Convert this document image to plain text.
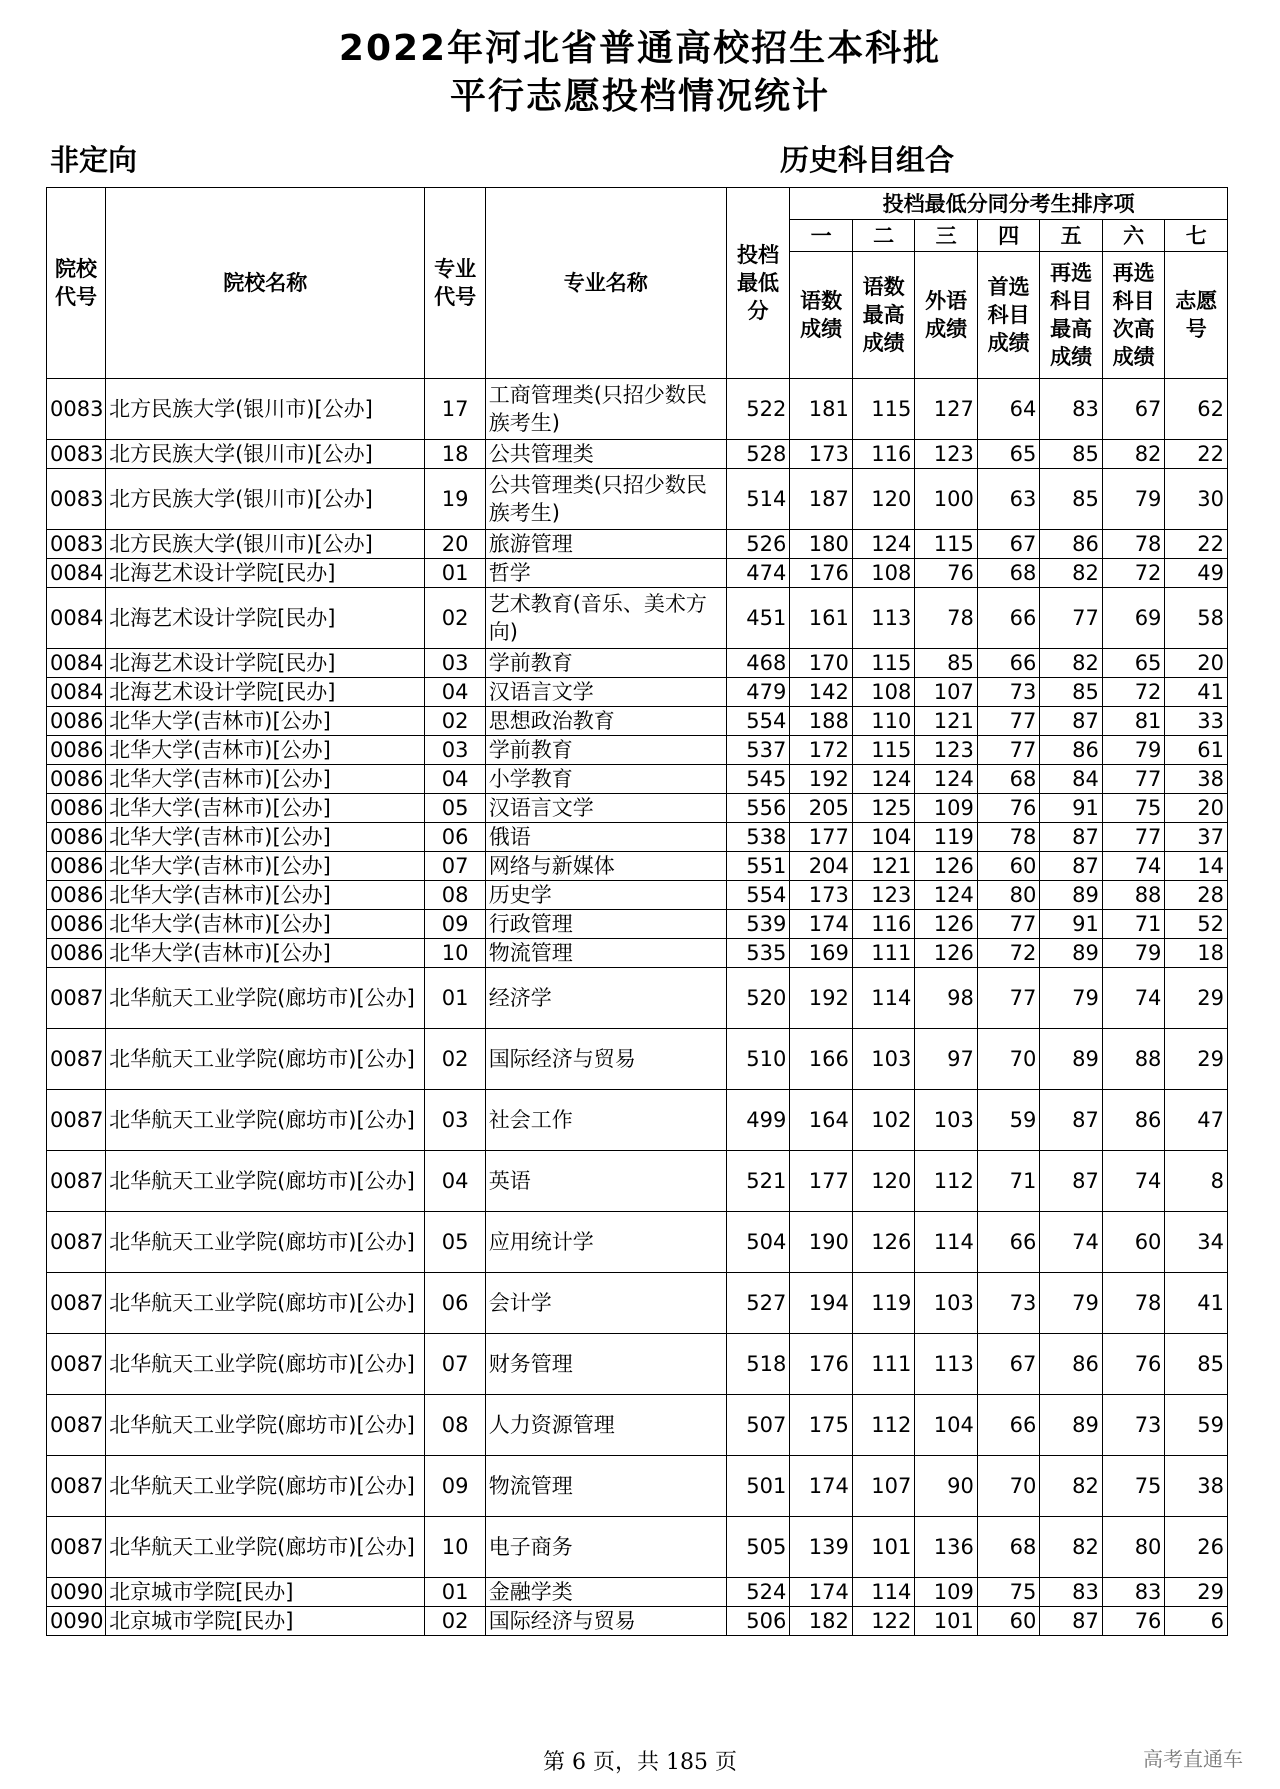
2022年河北省普通高校招生本科批
平行志愿投档情况统计
非定向	历史科目组合
院校代号	院校名称	专业代号	专业名称	投档最低分	投档最低分同分考生排序项						
					一	二	三	四	五	六	七
					语数成绩	语数最高成绩	外语成绩	首选科目成绩	再选科目最高成绩	再选科目次高成绩	志愿号
0083	北方民族大学(银川市)[公办]	17	工商管理类(只招少数民族考生)	522	181	115	127	64	83	67	62
0083	北方民族大学(银川市)[公办]	18	公共管理类	528	173	116	123	65	85	82	22
0083	北方民族大学(银川市)[公办]	19	公共管理类(只招少数民族考生)	514	187	120	100	63	85	79	30
0083	北方民族大学(银川市)[公办]	20	旅游管理	526	180	124	115	67	86	78	22
0084	北海艺术设计学院[民办]	01	哲学	474	176	108	76	68	82	72	49
0084	北海艺术设计学院[民办]	02	艺术教育(音乐、美术方向)	451	161	113	78	66	77	69	58
0084	北海艺术设计学院[民办]	03	学前教育	468	170	115	85	66	82	65	20
0084	北海艺术设计学院[民办]	04	汉语言文学	479	142	108	107	73	85	72	41
0086	北华大学(吉林市)[公办]	02	思想政治教育	554	188	110	121	77	87	81	33
0086	北华大学(吉林市)[公办]	03	学前教育	537	172	115	123	77	86	79	61
0086	北华大学(吉林市)[公办]	04	小学教育	545	192	124	124	68	84	77	38
0086	北华大学(吉林市)[公办]	05	汉语言文学	556	205	125	109	76	91	75	20
0086	北华大学(吉林市)[公办]	06	俄语	538	177	104	119	78	87	77	37
0086	北华大学(吉林市)[公办]	07	网络与新媒体	551	204	121	126	60	87	74	14
0086	北华大学(吉林市)[公办]	08	历史学	554	173	123	124	80	89	88	28
0086	北华大学(吉林市)[公办]	09	行政管理	539	174	116	126	77	91	71	52
0086	北华大学(吉林市)[公办]	10	物流管理	535	169	111	126	72	89	79	18
0087	北华航天工业学院(廊坊市)[公办]	01	经济学	520	192	114	98	77	79	74	29
0087	北华航天工业学院(廊坊市)[公办]	02	国际经济与贸易	510	166	103	97	70	89	88	29
0087	北华航天工业学院(廊坊市)[公办]	03	社会工作	499	164	102	103	59	87	86	47
0087	北华航天工业学院(廊坊市)[公办]	04	英语	521	177	120	112	71	87	74	8
0087	北华航天工业学院(廊坊市)[公办]	05	应用统计学	504	190	126	114	66	74	60	34
0087	北华航天工业学院(廊坊市)[公办]	06	会计学	527	194	119	103	73	79	78	41
0087	北华航天工业学院(廊坊市)[公办]	07	财务管理	518	176	111	113	67	86	76	85
0087	北华航天工业学院(廊坊市)[公办]	08	人力资源管理	507	175	112	104	66	89	73	59
0087	北华航天工业学院(廊坊市)[公办]	09	物流管理	501	174	107	90	70	82	75	38
0087	北华航天工业学院(廊坊市)[公办]	10	电子商务	505	139	101	136	68	82	80	26
0090	北京城市学院[民办]	01	金融学类	524	174	114	109	75	83	83	29
0090	北京城市学院[民办]	02	国际经济与贸易	506	182	122	101	60	87	76	6
第 6 页，共 185 页	高考直通车
